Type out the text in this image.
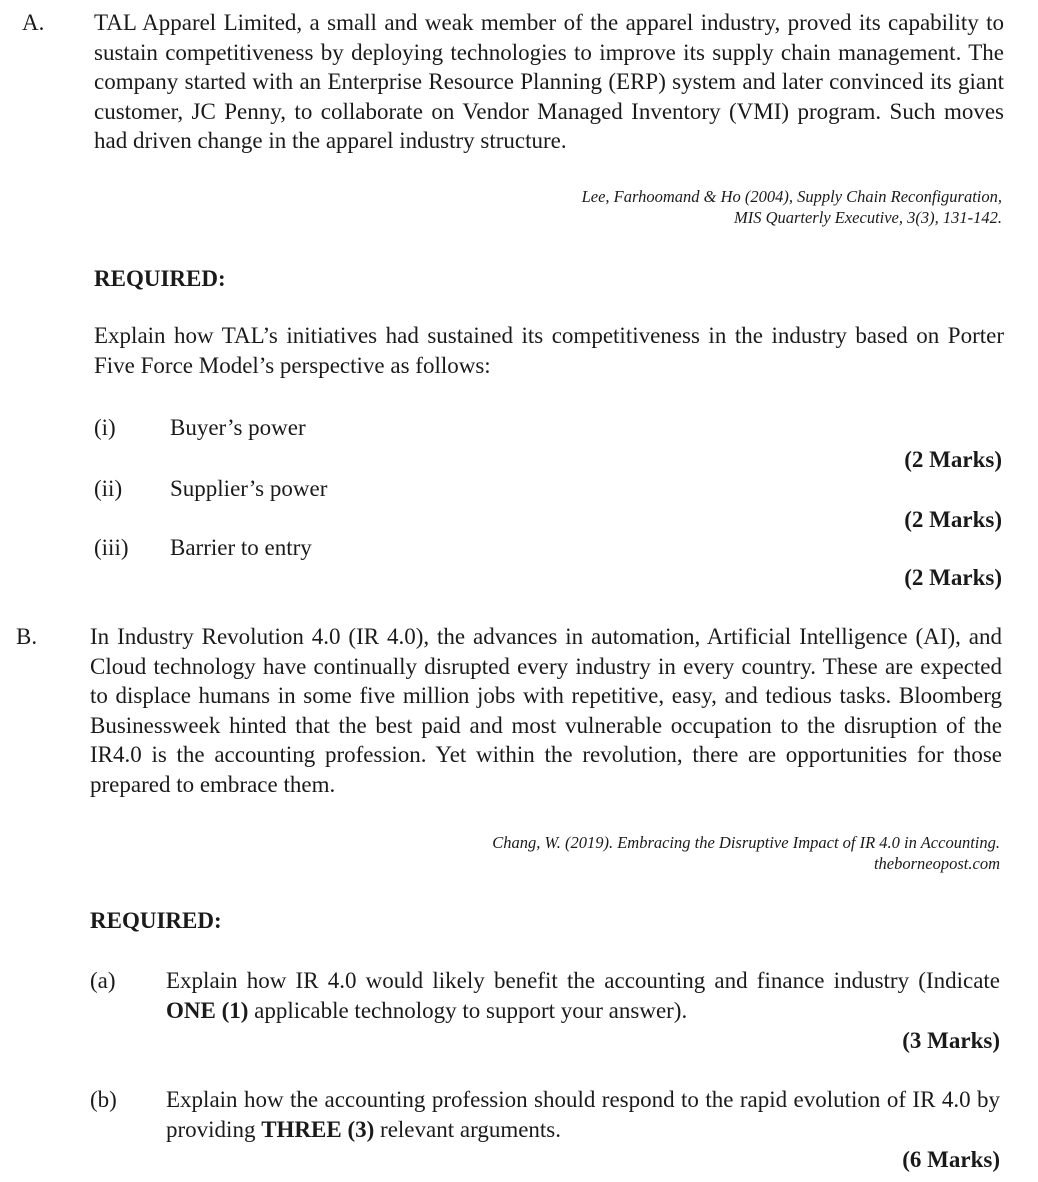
A. TAL Apparel Limited, a small and weak member of the apparel industry, proved its capability to sustain competitiveness by deploying technologies to improve its supply chain management. The company started with an Enterprise Resource Planning (ERP) system and later convinced its giant customer, JC Penny, to collaborate on Vendor Managed Inventory (VMI) program. Such moves had driven change in the apparel industry structure.

Lee, Farhoomand & Ho (2004), Supply Chain Reconfiguration,
MIS Quarterly Executive, 3(3), 131-142.
REQUIRED:

Explain how TAL’s initiatives had sustained its competitiveness in the industry based on Porter Five Force Model’s perspective as follows:

(i) Buyer’s power
(2 Marks)
(ii) Supplier’s power
(2 Marks)
(iii) Barrier to entry
(2 Marks)
B. In Industry Revolution 4.0 (IR 4.0), the advances in automation, Artificial Intelligence (AI), and Cloud technology have continually disrupted every industry in every country. These are expected to displace humans in some five million jobs with repetitive, easy, and tedious tasks. Bloomberg Businessweek hinted that the best paid and most vulnerable occupation to the disruption of the IR4.0 is the accounting profession. Yet within the revolution, there are opportunities for those prepared to embrace them.

Chang, W. (2019). Embracing the Disruptive Impact of IR 4.0 in Accounting.
theborneopost.com
REQUIRED:
(a) Explain how IR 4.0 would likely benefit the accounting and finance industry (Indicate ONE (1) applicable technology to support your answer).

(3 Marks)
(b) Explain how the accounting profession should respond to the rapid evolution of IR 4.0 by providing THREE (3) relevant arguments.

(6 Marks)
